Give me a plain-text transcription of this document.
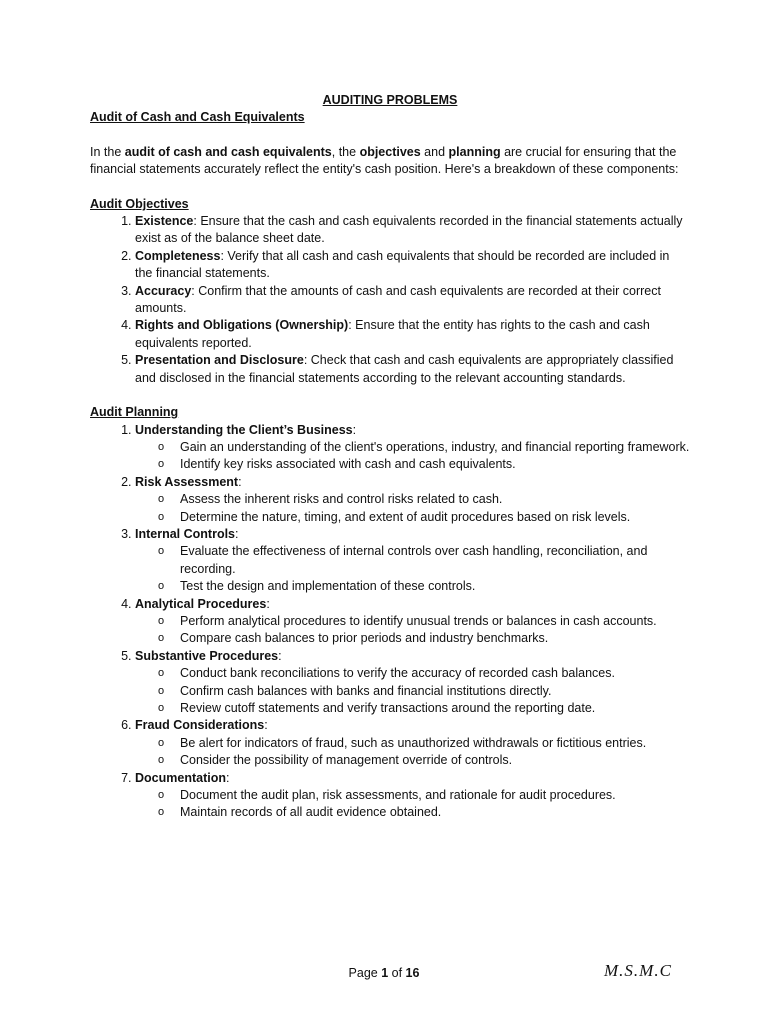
AUDITING PROBLEMS

Audit of Cash and Cash Equivalents

In the audit of cash and cash equivalents, the objectives and planning are crucial for ensuring that the financial statements accurately reflect the entity's cash position. Here's a breakdown of these components:

Audit Objectives

1. Existence: Ensure that the cash and cash equivalents recorded in the financial statements actually exist as of the balance sheet date.
2. Completeness: Verify that all cash and cash equivalents that should be recorded are included in the financial statements.
3. Accuracy: Confirm that the amounts of cash and cash equivalents are recorded at their correct amounts.
4. Rights and Obligations (Ownership): Ensure that the entity has rights to the cash and cash equivalents reported.
5. Presentation and Disclosure: Check that cash and cash equivalents are appropriately classified and disclosed in the financial statements according to the relevant accounting standards.

Audit Planning

1. Understanding the Client’s Business:
o Gain an understanding of the client's operations, industry, and financial reporting framework.
o Identify key risks associated with cash and cash equivalents.
2. Risk Assessment:
o Assess the inherent risks and control risks related to cash.
o Determine the nature, timing, and extent of audit procedures based on risk levels.
3. Internal Controls:
o Evaluate the effectiveness of internal controls over cash handling, reconciliation, and recording.
o Test the design and implementation of these controls.
4. Analytical Procedures:
o Perform analytical procedures to identify unusual trends or balances in cash accounts.
o Compare cash balances to prior periods and industry benchmarks.
5. Substantive Procedures:
o Conduct bank reconciliations to verify the accuracy of recorded cash balances.
o Confirm cash balances with banks and financial institutions directly.
o Review cutoff statements and verify transactions around the reporting date.
6. Fraud Considerations:
o Be alert for indicators of fraud, such as unauthorized withdrawals or fictitious entries.
o Consider the possibility of management override of controls.
7. Documentation:
o Document the audit plan, risk assessments, and rationale for audit procedures.
o Maintain records of all audit evidence obtained.
Page 1 of 16	M.S.M.C
